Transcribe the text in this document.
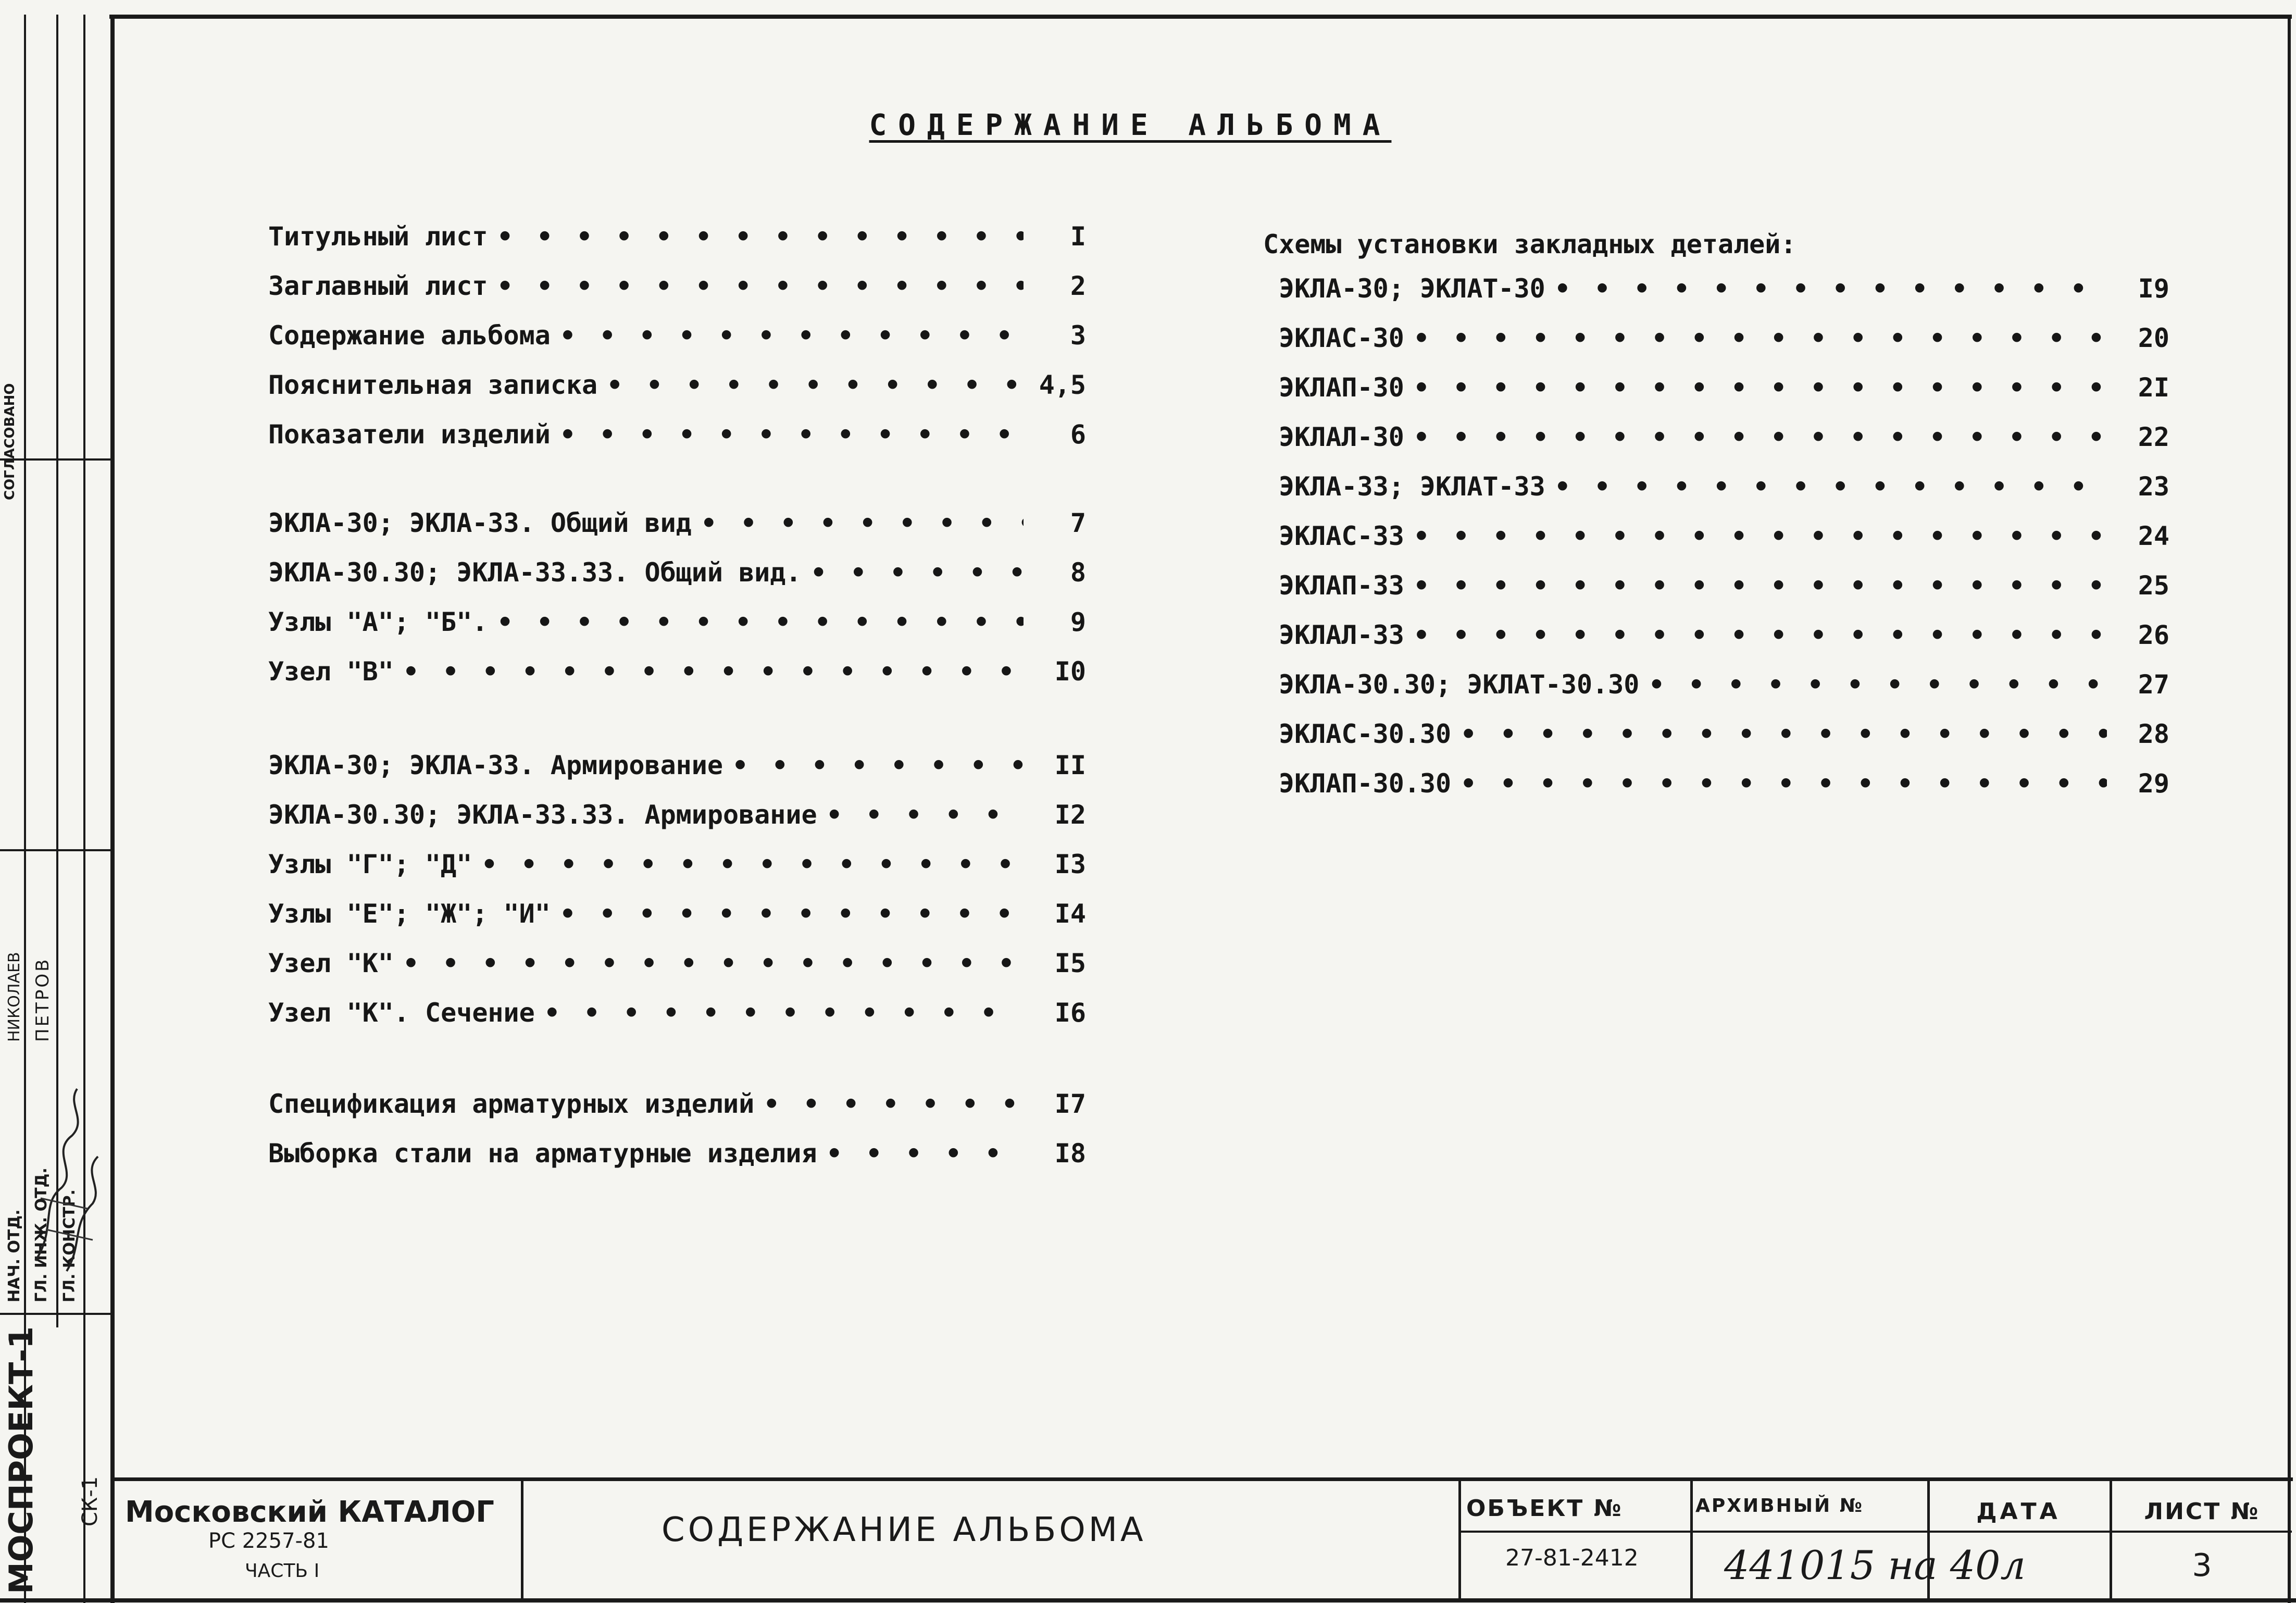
МОСПРОЕКТ-1 СК-1
НАЧ. ОТД. ГЛ. ИНЖ. ОТД. ГЛ. КОНСТР.
НИКОЛАЕВ ПЕТРОВ
СОГЛАСОВАНО
СОДЕРЖАНИЕ АЛЬБОМА
Титульный лист • • •	I
Заглавный лист • • •	2
Содержание альбома • • •	3
Пояснительная записка • • •	4,5
Показатели изделий • • •	6
ЭКЛА-30; ЭКЛА-33. Общий вид • • •	7
ЭКЛА-30.30; ЭКЛА-33.33. Общий вид. • • •	8
Узлы "А"; "Б". • • •	9
Узел "В" • • •	I0
ЭКЛА-30; ЭКЛА-33. Армирование • • •	II
ЭКЛА-30.30; ЭКЛА-33.33. Армирование • • •	I2
Узлы "Г"; "Д" • • •	I3
Узлы "Е"; "Ж"; "И" • • •	I4
Узел "К" • • •	I5
Узел "К". Сечение • • •	I6
Спецификация арматурных изделий • • •	I7
Выборка стали на арматурные изделия • • •	I8
Схемы установки закладных деталей:
ЭКЛА-30; ЭКЛАТ-30 • • •	I9
ЭКЛАС-30 • • •	20
ЭКЛАП-30 • • •	2I
ЭКЛАЛ-30 • • •	22
ЭКЛА-33; ЭКЛАТ-33 • • •	23
ЭКЛАС-33 • • •	24
ЭКЛАП-33 • • •	25
ЭКЛАЛ-33 • • •	26
ЭКЛА-30.30; ЭКЛАТ-30.30 • • •	27
ЭКЛАС-30.30 • • •	28
ЭКЛАП-30.30 • • •	29
Московский КАТАЛОГ
РС 2257-81
ЧАСТЬ I
СОДЕРЖАНИЕ АЛЬБОМА
ОБЪЕКТ №
27-81-2412
АРХИВНЫЙ №
441015 на 40л
ДАТА	ЛИСТ №
3
